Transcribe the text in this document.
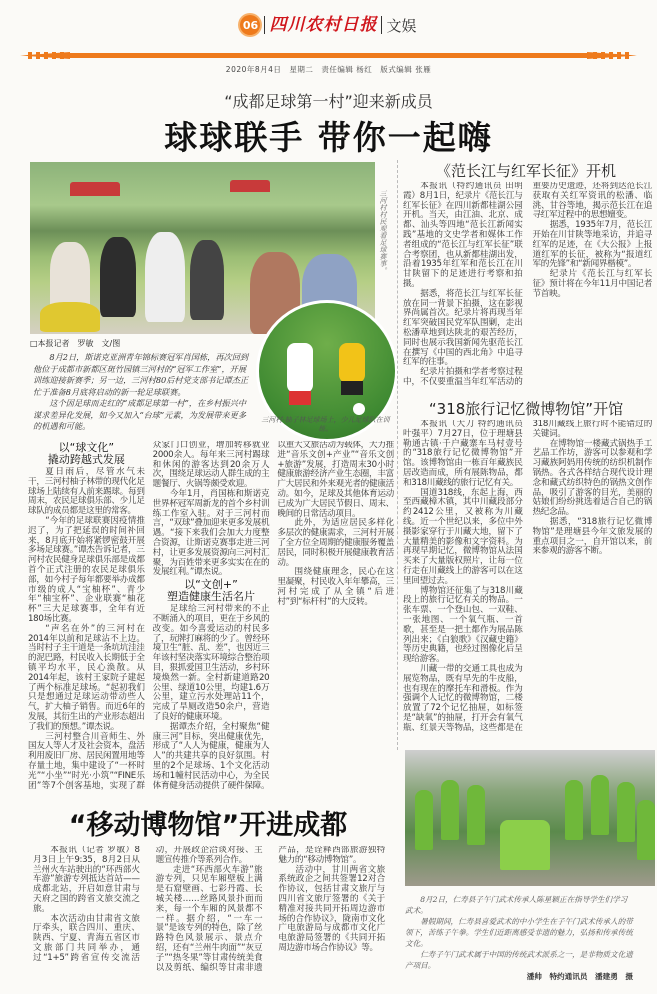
06 四川农村日报 文娱
2020年8月4日　星期二　责任编辑 杨红　版式编辑 张雁
“成都足球第一村”迎来新成员
球球联手 带你一起嗨
三河村村民观看足球赛事。
三河村·柚子林足球场上，少儿足球队在训练。
□本报记者　罗敏　文/图

8月2日，斯诺克亚洲青年锦标赛冠军肖国栋，再次回到他位于成都市新都区斑竹园镇三河村的“冠军工作室”，开展训练迎接新赛季；另一边，三河村80后村党支部书记谭杰正忙于准备8月底将启动的新一轮足球联赛。

这个因足球而走红的“成都足球第一村”，在乡村振兴中谋求差异化发展，如今又加入“台球”元素，为发展带来更多的机遇和可能。

以“球文化”
撬动跨越式发展

夏日雨后，尽管水气未干，三河村柚子林带的现代化足球场上陆续有人前来踢球。每到周末，农民足球俱乐部、少儿足球队的成员都是这里的常客。

“今年的足球联赛因疫情推迟了，为了把延误的时间补回来，8月底开始将紧锣密鼓开展多场足球赛。”谭杰告诉记者，三河村农民健身足球俱乐部是成都首个正式注册的农民足球俱乐部，如今村子每年都要举办成都市级的成人“宝柚杯”、青少年“柚宝杯”、企业联赛“柚花杯”三大足球赛事，全年有近180场比赛。

“声名在外”的三河村在2014年以前和足球沾不上边。当时村子主干道是一条坑坑洼洼的泥巴路，村民收入长期低于全镇平均水平，民心涣散。从2014年起，该村王家院子建起了两个标准足球场。“起初我们只是想通过足球运动带动些人气，扩大柚子销售。而近6年的发展，其衍生出的产业形态超出了我们的预想。”谭杰说。

三河村整合川音师生、外国友人等人才及社会资本，盘活利用废旧厂房、居民闲置用地等存量土地，集中建设了“一杯时光”“小坐”“时光·小筑”“FINE乐团”等7个创客基地，实现了群众家门口创业，增加转移就业2000余人。每年来三河村踢球和休闲的游客达到20余万人次，围绕足球运动人群生成的主题餐厅、火锅等颇受欢迎。

今年1月，肖国栋和斯诺克世界杯冠军周新龙的首个乡村训练工作室入驻。对于三河村而言，“双球”叠加迎来更多发展机遇。“接下来我们会加大力度整合资源，让斯诺克赛事走进三河村，让更多发展资源向三河村汇聚，为百姓带来更多实实在在的发展红利。”谭杰说。

以“文创+”
塑造健康生活名片

足球给三河村带来的不止不断涌入的项目，更在于乡风的改变。如今喜爱运动的村民多了，玩牌打麻将的少了。曾经环境卫生“脏、乱、差”，也因近三年该村坚决落实环境综合整治项目，狠抓爱国卫生活动，乡村环境焕然一新。全村新建道路20公里、绿道10公里，均建1.6万公里，建立污水处理站11个，完成了旱厕改造50余户，营造了良好的健康环境。

据谭杰介绍，全村聚焦“健康三河”目标，突出健康优先，形成了“人人为健康，健康为人人”的共建共享的良好氛围。村里的2个足球场、1个文化活动场和1幢村民活动中心，为全民体育健身活动提供了硬件保障。以重大文旅活动为载体，大力推进“音乐文创+产业”“音乐文创+旅游”发展，打造周末30小时健康旅游经济产业生态圈，丰富广大居民和外来观光者的健康活动。如今，足球及其他体育运动已成为广大居民节假日、周末、晚间的日常活动项目。

此外，为适应居民多样化多层次的健康需求，三河村开展了全方位全周期的健康服务覆盖居民，同时积极开展健康教育活动。

围绕健康理念，民心在这里凝聚，村民收入年年攀高，三河村完成了从全镇“后进村”到“标杆村”的大反转。

《范长江与红军长征》开机

本报讯（特约通讯员 田明霞）8月1日，纪录片《范长江与红军长征》在四川新都桂湖公园开机。当天，由江油、北京、成都、汕头等四地“范长江新闻实践”基地的文史学者和媒体工作者组成的“范长江与红军长征”联合考察团，也从新都桂湖出发，沿着1935年红军和范长江在川甘陕留下的足迹进行考察和拍摄。

据悉，将范长江与红军长征放在同一背景下拍摄，这在影视界尚属首次。纪录片将再现当年红军突破国民党军队围剿，走出松潘草地到达陕北的艰苦经历，同时也展示我国新闻先驱范长江在撰写《中国的西北角》中追寻红军的往事。

纪录片拍摄和学者考察过程中，不仅要重温当年红军活动的重要历史遗迹，还将到达范长江获取有关红军资讯的松潘、临洮、甘谷等地，揭示范长江在追寻红军过程中的思想嬗变。

据悉，1935年7月，范长江开始在川甘陕等地采访，并追寻红军的足迹，在《大公报》上报道红军的长征，被称为“报道红军的先锋”和“新闻界楷模”。

纪录片《范长江与红军长征》预计将在今年11月中国记者节首映。

“318旅行记忆微博物馆”开馆

本报讯（大刀 特约通讯员 叶强平）7月27日，位于理塘县勒通古镇·千户藏寨车马村壹号的“318旅行记忆微博物馆”开馆。该博物馆由一栋百年藏族民居改造而成，所有展陈物品，都和318川藏线的旅行记忆有关。

国道318线，东起上海，西至西藏樟木镇，其中川藏段部分约2412公里，又被称为川藏线。近一个世纪以来，多位中外摄影家穿行于川藏大地，留下了大量精美的影像和文字资料。为再现早期记忆，微博物馆从法国买来了大量版权照片，让每一位行走在川藏线上的游客可以在这里回望过去。

博物馆还征集了与318川藏段上的旅行记忆有关的物品。一张车票、一个登山包、一双鞋、一张地图、一个氧气瓶、一首歌，甚至是一把土都作为展品陈列出来；《白狼歌》《汉藏史籍》等历史典籍，也经过图像化后呈现给游客。

川藏一带的交通工具也成为展览物品，既有早先的牛皮船，也有现在的摩托车和滑板。作为强调个人记忆的微博物馆，二楼放置了72个记忆抽屉，如标签是“缺氧”的抽屉，打开会有氧气瓶、红景天等物品，这些都是在318川藏线上旅行时不能错过的关键词。

在博物馆一楼藏式锅热手工艺品工作坊，游客可以参观和学习藏族阿妈用传统的纺织机制作锅热。各式各样结合现代设计理念和藏式纺织特色的锅热文创作品，吸引了游客的目光，美丽的姑娘们纷纷挑选着适合自己的锅热纪念品。

据悉，“318旅行记忆微博物馆”是理塘县今年文旅发展的重点项目之一，自开馆以来，前来参观的游客不断。

“移动博物馆”开进成都

本报讯（记者 罗敏）8月3日上午9:35，8月2日从兰州火车站驶出的“环西部火车游”旅游专列抵达首站——成都北站，开启如意甘肃与天府之国的跨省文旅交流之旅。

本次活动由甘肃省文旅厅牵头，联合四川、重庆、陕西、宁夏、青海五省区市文旅部门共同举办，通过“1+5”跨省宣传交流活动，开展政企洽谈对接、主题宣传推介等系列合作。

走进“环西部火车游”旅游专列，只见车厢壁板上满是石窟壁画、七彩丹霞、长城关楼……丝路风景扑面而来，每一个车厢的风景都不一样。据介绍，“一车一景”是该专列的特色，除了丝路特色风景展示、景点介绍，还有“兰州牛肉面”“灰豆子”“热冬果”等甘肃传统美食以及剪纸、编织等甘肃非遗产品，是诠释西部旅游独特魅力的“移动博物馆”。

活动中，甘川两省文旅系统政企之间共签署12对合作协议，包括甘肃文旅厅与四川省文旅厅签署的《关于精准对接共同开拓周边游市场的合作协议》，陇南市文化广电旅游局与成都市文化广电旅游局签署的《共同开拓周边游市场合作协议》等。

8月2日，仁寿县子午门武术传承人陈星颖正在指导学生们学习武术。

暑假期间，仁寿县喜爱武术的中小学生在子午门武术传承人的带领下，苦练子午拳。学生们近距离感受非遗的魅力，弘扬和传承传统文化。

仁寿子午门武术属于中国的传统武术派系之一，是非物质文化遗产项目。

潘帅　特约通讯员　潘建勇　摄
